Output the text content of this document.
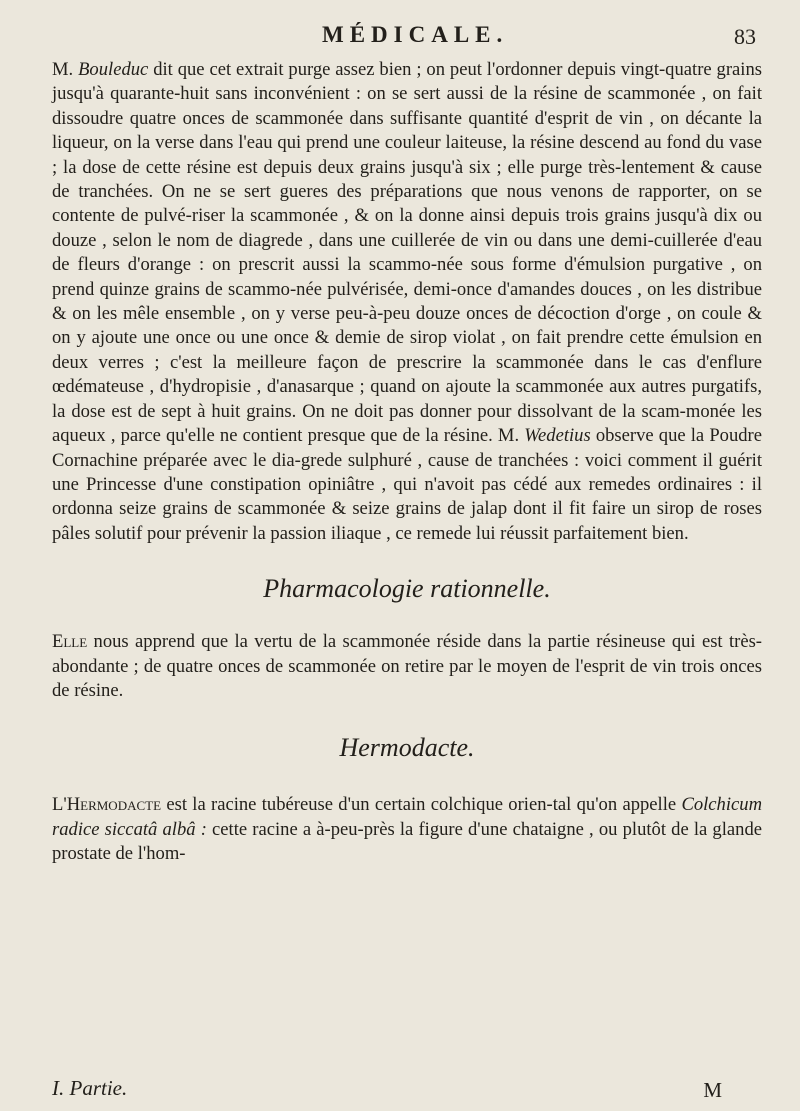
MÉDICALE.	83

M. Bouleduc dit que cet extrait purge assez bien ; on peut l'ordonner depuis vingt-quatre grains jusqu'à quarante-huit sans inconvénient : on se sert aussi de la résine de scammonée , on fait dissoudre quatre onces de scammonée dans suffisante quantité d'esprit de vin , on décante la liqueur, on la verse dans l'eau qui prend une couleur laiteuse, la résine descend au fond du vase ; la dose de cette résine est depuis deux grains jusqu'à six ; elle purge très-lentement & cause de tranchées. On ne se sert gueres des préparations que nous venons de rapporter, on se contente de pulvé-riser la scammonée , & on la donne ainsi depuis trois grains jusqu'à dix ou douze , selon le nom de diagrede , dans une cuillerée de vin ou dans une demi-cuillerée d'eau de fleurs d'orange : on prescrit aussi la scammo-née sous forme d'émulsion purgative , on prend quinze grains de scammo-née pulvérisée, demi-once d'amandes douces , on les distribue & on les mêle ensemble , on y verse peu-à-peu douze onces de décoction d'orge , on coule & on y ajoute une once ou une once & demie de sirop violat , on fait prendre cette émulsion en deux verres ; c'est la meilleure façon de prescrire la scammonée dans le cas d'enflure œdémateuse , d'hydropisie , d'anasarque ; quand on ajoute la scammonée aux autres purgatifs, la dose est de sept à huit grains. On ne doit pas donner pour dissolvant de la scam-monée les aqueux , parce qu'elle ne contient presque que de la résine. M. Wedetius observe que la Poudre Cornachine préparée avec le dia-grede sulphuré , cause de tranchées : voici comment il guérit une Princesse d'une constipation opiniâtre , qui n'avoit pas cédé aux remedes ordinaires : il ordonna seize grains de scammonée & seize grains de jalap dont il fit faire un sirop de roses pâles solutif pour prévenir la passion iliaque , ce remede lui réussit parfaitement bien.

Pharmacologie rationnelle.

Elle nous apprend que la vertu de la scammonée réside dans la partie résineuse qui est très-abondante ; de quatre onces de scammonée on retire par le moyen de l'esprit de vin trois onces de résine.

Hermodacte.

L'Hermodacte est la racine tubéreuse d'un certain colchique orien-tal qu'on appelle Colchicum radice siccatâ albâ : cette racine a à-peu-près la figure d'une chataigne , ou plutôt de la glande prostate de l'hom-

I. Partie.	M
